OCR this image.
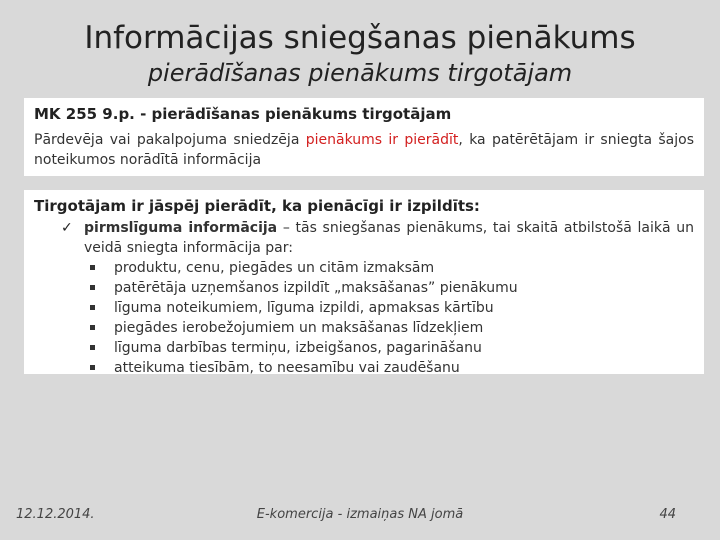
Informācijas sniegšanas pienākums
pierādīšanas pienākums tirgotājam
MK 255 9.p. - pierādīšanas pienākums tirgotājam
Pārdevēja vai pakalpojuma sniedzēja pienākums ir pierādīt, ka patērētājam ir sniegta šajos noteikumos norādītā informācija
Tirgotājam ir jāspēj pierādīt, ka pienācīgi ir izpildīts:
✓ pirmslīguma informācija – tās sniegšanas pienākums, tai skaitā atbilstošā laikā un veidā sniegta informācija par:
produktu, cenu, piegādes un citām izmaksām
patērētāja uzņemšanos izpildīt „maksāšanas” pienākumu
līguma noteikumiem, līguma izpildi, apmaksas kārtību
piegādes ierobežojumiem un maksāšanas līdzekļiem
līguma darbības termiņu, izbeigšanos, pagarināšanu
atteikuma tiesībām, to neesamību vai zaudēšanu
12.12.2014.	E-komercija - izmaiņas NA jomā	44
